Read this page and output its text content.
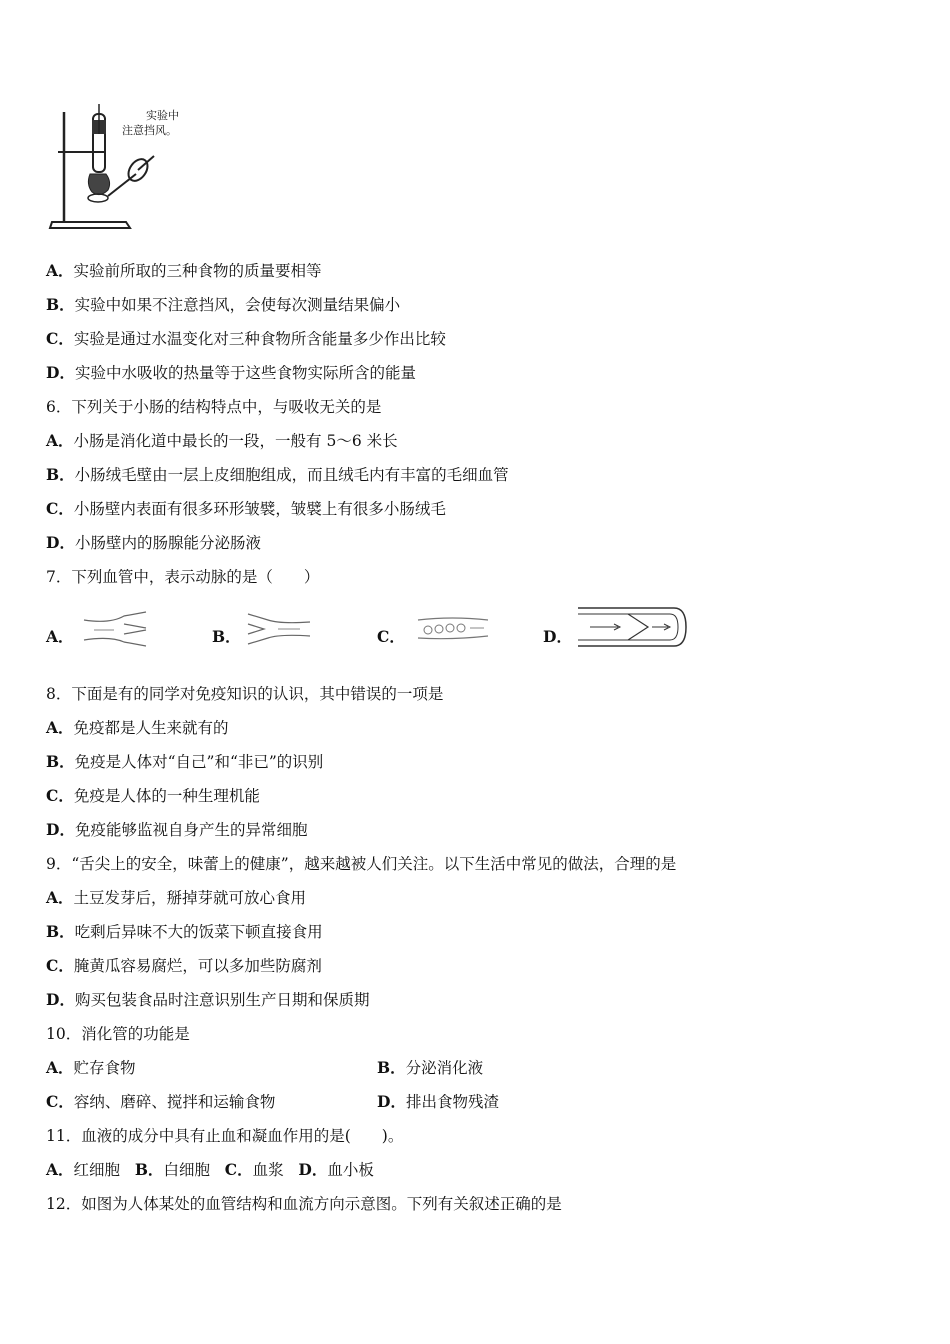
实验中
注意挡风。
A．实验前所取的三种食物的质量要相等
B．实验中如果不注意挡风，会使每次测量结果偏小
C．实验是通过水温变化对三种食物所含能量多少作出比较
D．实验中水吸收的热量等于这些食物实际所含的能量
6．下列关于小肠的结构特点中，与吸收无关的是
A．小肠是消化道中最长的一段，一般有 5～6 米长
B．小肠绒毛壁由一层上皮细胞组成，而且绒毛内有丰富的毛细血管
C．小肠壁内表面有很多环形皱襞，皱襞上有很多小肠绒毛
D．小肠壁内的肠腺能分泌肠液
7．下列血管中，表示动脉的是（　　）
A．	B．	C．	D．
8．下面是有的同学对免疫知识的认识，其中错误的一项是
A．免疫都是人生来就有的
B．免疫是人体对“自己”和“非已”的识别
C．免疫是人体的一种生理机能
D．免疫能够监视自身产生的异常细胞
9．“舌尖上的安全，味蕾上的健康”，越来越被人们关注。以下生活中常见的做法，合理的是
A．土豆发芽后，掰掉芽就可放心食用
B．吃剩后异味不大的饭菜下顿直接食用
C．腌黄瓜容易腐烂，可以多加些防腐剂
D．购买包装食品时注意识别生产日期和保质期
10．消化管的功能是
A．贮存食物	B．分泌消化液
C．容纳、磨碎、搅拌和运输食物	D．排出食物残渣
11．血液的成分中具有止血和凝血作用的是(　　)。
A．红细胞 B．白细胞 C．血浆 D．血小板
12．如图为人体某处的血管结构和血流方向示意图。下列有关叙述正确的是
